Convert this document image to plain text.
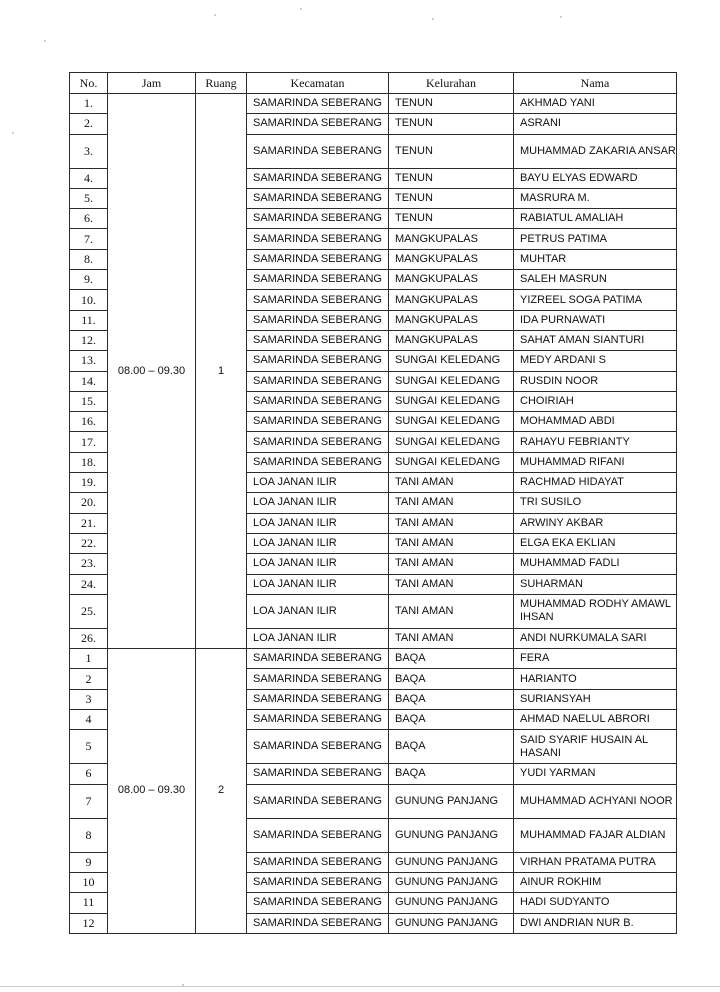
No.	Jam	Ruang	Kecamatan	Kelurahan	Nama
1.	08.00 – 09.30	1	SAMARINDA SEBERANG	TENUN	AKHMAD YANI
2.			SAMARINDA SEBERANG	TENUN	ASRANI
3.			SAMARINDA SEBERANG	TENUN	MUHAMMAD ZAKARIA ANSAR
4.			SAMARINDA SEBERANG	TENUN	BAYU ELYAS EDWARD
5.			SAMARINDA SEBERANG	TENUN	MASRURA M.
6.			SAMARINDA SEBERANG	TENUN	RABIATUL AMALIAH
7.			SAMARINDA SEBERANG	MANGKUPALAS	PETRUS PATIMA
8.			SAMARINDA SEBERANG	MANGKUPALAS	MUHTAR
9.			SAMARINDA SEBERANG	MANGKUPALAS	SALEH MASRUN
10.			SAMARINDA SEBERANG	MANGKUPALAS	YIZREEL SOGA PATIMA
11.			SAMARINDA SEBERANG	MANGKUPALAS	IDA PURNAWATI
12.			SAMARINDA SEBERANG	MANGKUPALAS	SAHAT AMAN SIANTURI
13.			SAMARINDA SEBERANG	SUNGAI KELEDANG	MEDY ARDANI S
14.			SAMARINDA SEBERANG	SUNGAI KELEDANG	RUSDIN NOOR
15.			SAMARINDA SEBERANG	SUNGAI KELEDANG	CHOIRIAH
16.			SAMARINDA SEBERANG	SUNGAI KELEDANG	MOHAMMAD ABDI
17.			SAMARINDA SEBERANG	SUNGAI KELEDANG	RAHAYU FEBRIANTY
18.			SAMARINDA SEBERANG	SUNGAI KELEDANG	MUHAMMAD RIFANI
19.			LOA JANAN ILIR	TANI AMAN	RACHMAD HIDAYAT
20.			LOA JANAN ILIR	TANI AMAN	TRI SUSILO
21.			LOA JANAN ILIR	TANI AMAN	ARWINY AKBAR
22.			LOA JANAN ILIR	TANI AMAN	ELGA EKA EKLIAN
23.			LOA JANAN ILIR	TANI AMAN	MUHAMMAD FADLI
24.			LOA JANAN ILIR	TANI AMAN	SUHARMAN
25.			LOA JANAN ILIR	TANI AMAN	MUHAMMAD RODHY AMAWL IHSAN
26.			LOA JANAN ILIR	TANI AMAN	ANDI NURKUMALA SARI
1	08.00 – 09.30	2	SAMARINDA SEBERANG	BAQA	FERA
2			SAMARINDA SEBERANG	BAQA	HARIANTO
3			SAMARINDA SEBERANG	BAQA	SURIANSYAH
4			SAMARINDA SEBERANG	BAQA	AHMAD NAELUL ABRORI
5			SAMARINDA SEBERANG	BAQA	SAID SYARIF HUSAIN AL HASANI
6			SAMARINDA SEBERANG	BAQA	YUDI YARMAN
7			SAMARINDA SEBERANG	GUNUNG PANJANG	MUHAMMAD ACHYANI NOOR
8			SAMARINDA SEBERANG	GUNUNG PANJANG	MUHAMMAD FAJAR ALDIAN
9			SAMARINDA SEBERANG	GUNUNG PANJANG	VIRHAN PRATAMA PUTRA
10			SAMARINDA SEBERANG	GUNUNG PANJANG	AINUR ROKHIM
11			SAMARINDA SEBERANG	GUNUNG PANJANG	HADI SUDYANTO
12			SAMARINDA SEBERANG	GUNUNG PANJANG	DWI ANDRIAN NUR B.
